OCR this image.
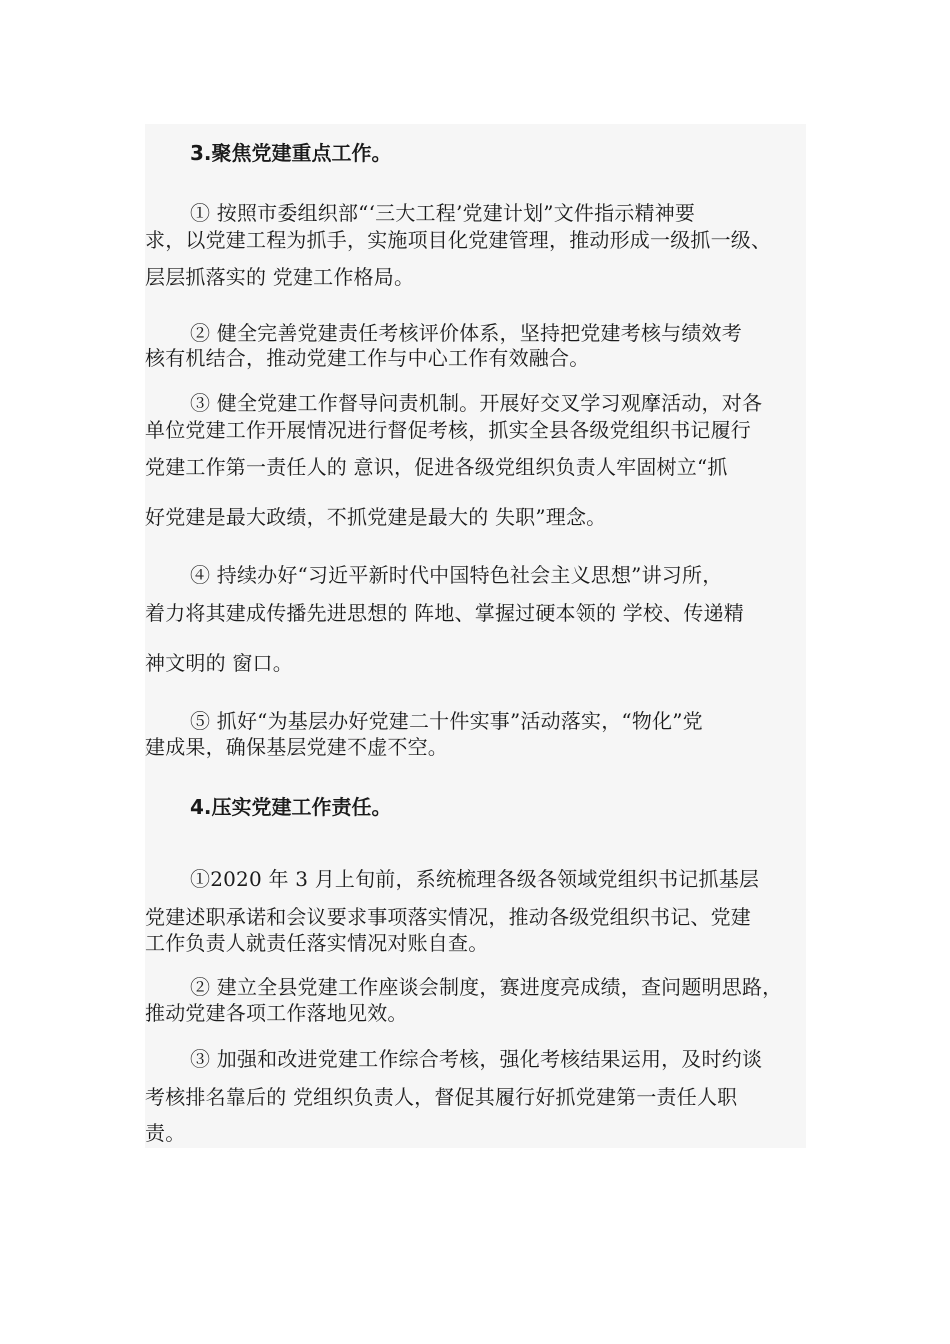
3.聚焦党建重点工作。
① 按照市委组织部“‘三大工程’党建计划”文件指示精神要
求，以党建工程为抓手，实施项目化党建管理，推动形成一级抓一级、
层层抓落实的 党建工作格局。
② 健全完善党建责任考核评价体系，坚持把党建考核与绩效考
核有机结合，推动党建工作与中心工作有效融合。
③ 健全党建工作督导问责机制。开展好交叉学习观摩活动，对各
单位党建工作开展情况进行督促考核，抓实全县各级党组织书记履行
党建工作第一责任人的 意识，促进各级党组织负责人牢固树立“抓
好党建是最大政绩，不抓党建是最大的 失职”理念。
④ 持续办好“习近平新时代中国特色社会主义思想”讲习所，
着力将其建成传播先进思想的 阵地、掌握过硬本领的 学校、传递精
神文明的 窗口。
⑤ 抓好“为基层办好党建二十件实事”活动落实，“物化”党
建成果，确保基层党建不虚不空。
4.压实党建工作责任。
①2020 年 3 月上旬前，系统梳理各级各领域党组织书记抓基层
党建述职承诺和会议要求事项落实情况，推动各级党组织书记、党建
工作负责人就责任落实情况对账自查。
② 建立全县党建工作座谈会制度，赛进度亮成绩，查问题明思路，
推动党建各项工作落地见效。
③ 加强和改进党建工作综合考核，强化考核结果运用，及时约谈
考核排名靠后的 党组织负责人，督促其履行好抓党建第一责任人职
责。
